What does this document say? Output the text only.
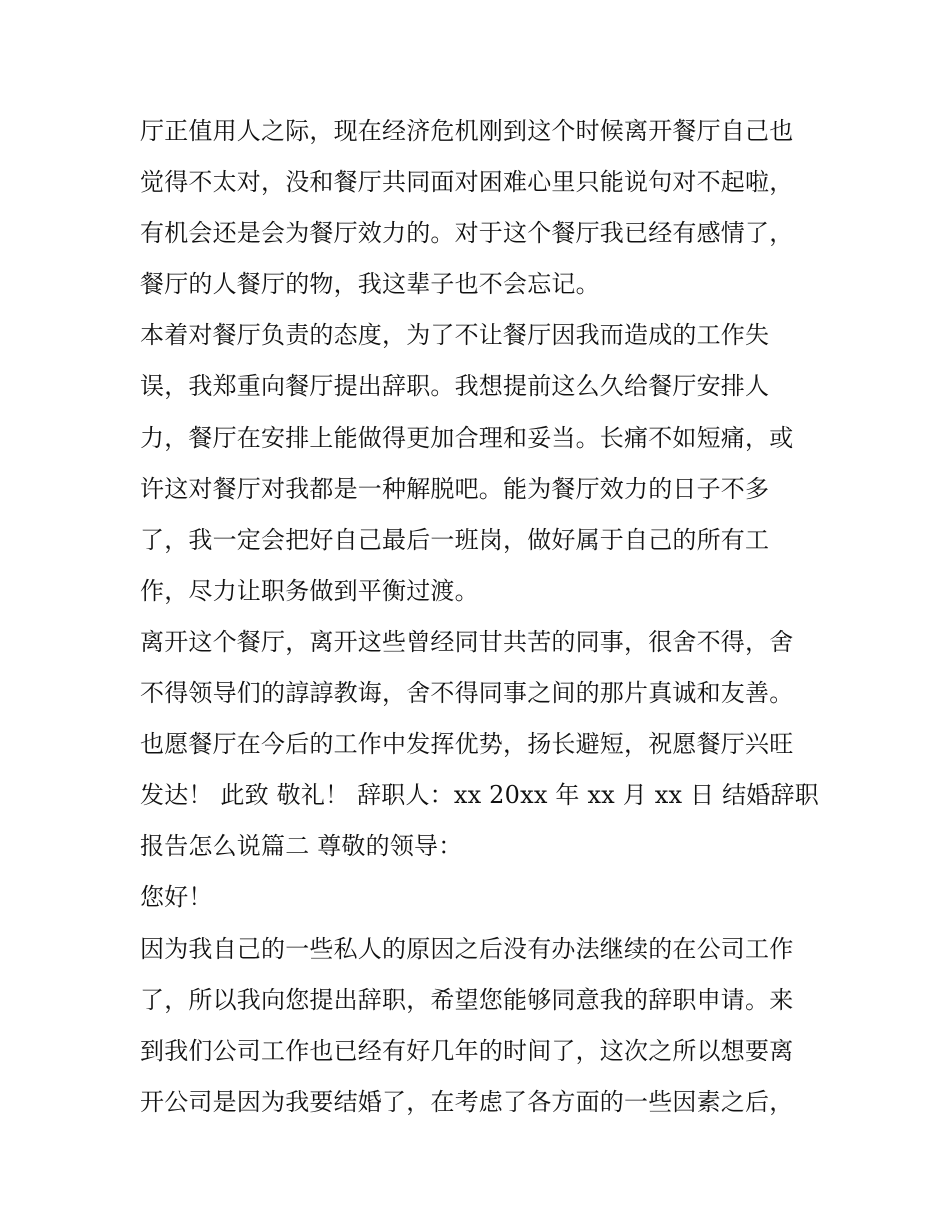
厅正值用人之际，现在经济危机刚到这个时候离开餐厅自己也
觉得不太对，没和餐厅共同面对困难心里只能说句对不起啦，
有机会还是会为餐厅效力的。对于这个餐厅我已经有感情了，
餐厅的人餐厅的物，我这辈子也不会忘记。
本着对餐厅负责的态度，为了不让餐厅因我而造成的工作失
误，我郑重向餐厅提出辞职。我想提前这么久给餐厅安排人
力，餐厅在安排上能做得更加合理和妥当。长痛不如短痛，或
许这对餐厅对我都是一种解脱吧。能为餐厅效力的日子不多
了，我一定会把好自己最后一班岗，做好属于自己的所有工
作，尽力让职务做到平衡过渡。
离开这个餐厅，离开这些曾经同甘共苦的同事，很舍不得，舍
不得领导们的諄諄教诲，舍不得同事之间的那片真诚和友善。
也愿餐厅在今后的工作中发挥优势，扬长避短，祝愿餐厅兴旺
发达！ 此致 敬礼！ 辞职人：xx 20xx 年 xx 月 xx 日 结婚辞职
报告怎么说篇二 尊敬的领导：
您好！
因为我自己的一些私人的原因之后没有办法继续的在公司工作
了，所以我向您提出辞职，希望您能够同意我的辞职申请。来
到我们公司工作也已经有好几年的时间了，这次之所以想要离
开公司是因为我要结婚了，在考虑了各方面的一些因素之后，
